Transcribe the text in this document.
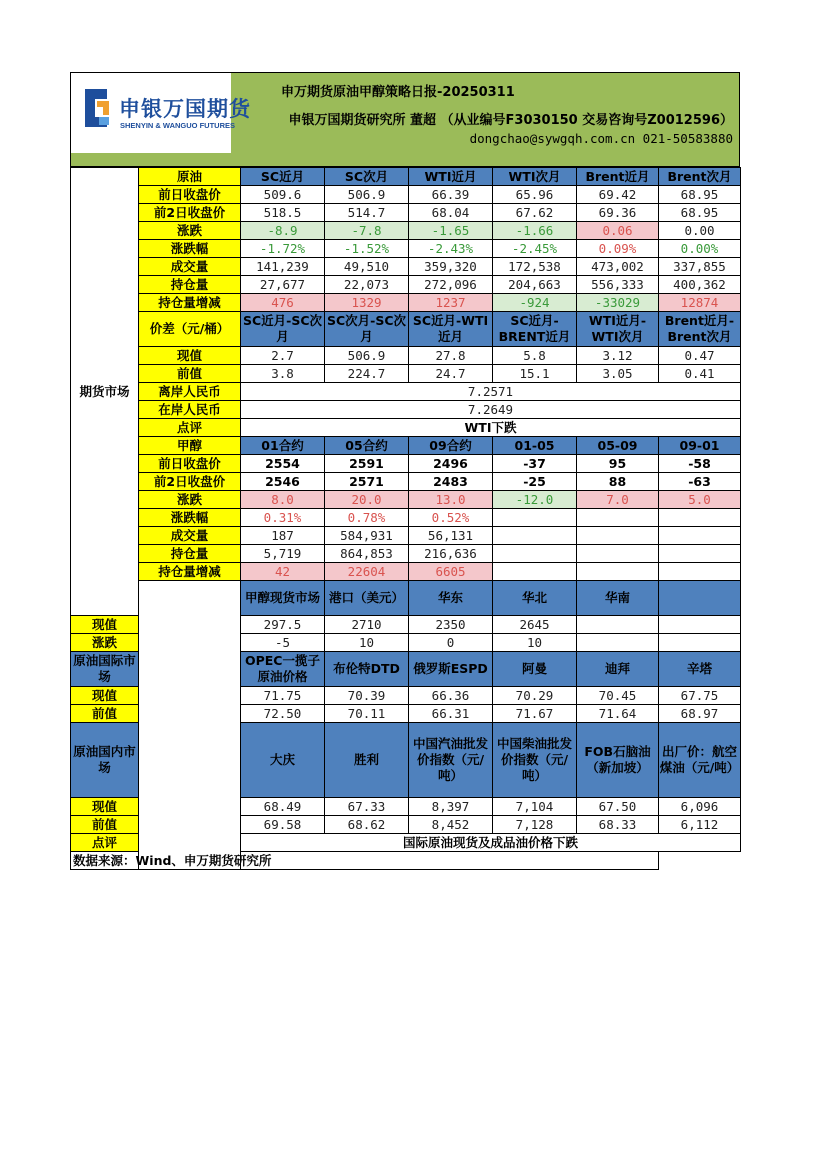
申银万国期货
SHENYIN & WANGUO FUTURES
申万期货原油甲醇策略日报-20250311
申银万国期货研究所 董超 （从业编号F3030150 交易咨询号Z0012596）
dongchao@sywgqh.com.cn 021-50583880
期货市场	原油	SC近月	SC次月	WTI近月	WTI次月	Brent近月	Brent次月	
	前日收盘价	509.6	506.9	66.39	65.96	69.42	68.95	
	前2日收盘价	518.5	514.7	68.04	67.62	69.36	68.95	
	涨跌	-8.9	-7.8	-1.65	-1.66	0.06	0.00	
	涨跌幅	-1.72%	-1.52%	-2.43%	-2.45%	0.09%	0.00%	
	成交量	141,239	49,510	359,320	172,538	473,002	337,855	
	持仓量	27,677	22,073	272,096	204,663	556,333	400,362	
	持仓量增减	476	1329	1237	-924	-33029	12874	
	价差（元/桶）	SC近月-SC次月	SC次月-SC次月	SC近月-WTI近月	SC近月-BRENT近月	WTI近月-WTI次月	Brent近月-Brent次月	
	现值	2.7	506.9	27.8	5.8	3.12	0.47	
	前值	3.8	224.7	24.7	15.1	3.05	0.41	
	离岸人民币	7.2571						
	在岸人民币	7.2649						
	点评	WTI下跌						
	甲醇	01合约	05合约	09合约	01-05	05-09	09-01	
	前日收盘价	2554	2591	2496	-37	95	-58	
	前2日收盘价	2546	2571	2483	-25	88	-63	
	涨跌	8.0	20.0	13.0	-12.0	7.0	5.0	
	涨跌幅	0.31%	0.78%	0.52%				
	成交量	187	584,931	56,131				
	持仓量	5,719	864,853	216,636				
	持仓量增减	42	22604	6605				
		甲醇现货市场	港口（美元）	华东	华北	华南		
现值		297.5	2710	2350	2645			
涨跌		-5	10	0	10			
原油国际市场		OPEC一揽子原油价格	布伦特DTD	俄罗斯ESPD	阿曼	迪拜	辛塔	
现值		71.75	70.39	66.36	70.29	70.45	67.75	
前值		72.50	70.11	66.31	71.67	71.64	68.97	
原油国内市场		大庆	胜利	中国汽油批发价指数（元/吨）	中国柴油批发价指数（元/吨）	FOB石脑油（新加坡）	出厂价：航空煤油（元/吨）	
现值		68.49	67.33	8,397	7,104	67.50	6,096	
前值		69.58	68.62	8,452	7,128	68.33	6,112	
点评		国际原油现货及成品油价格下跌						
数据来源：Wind、申万期货研究所								
